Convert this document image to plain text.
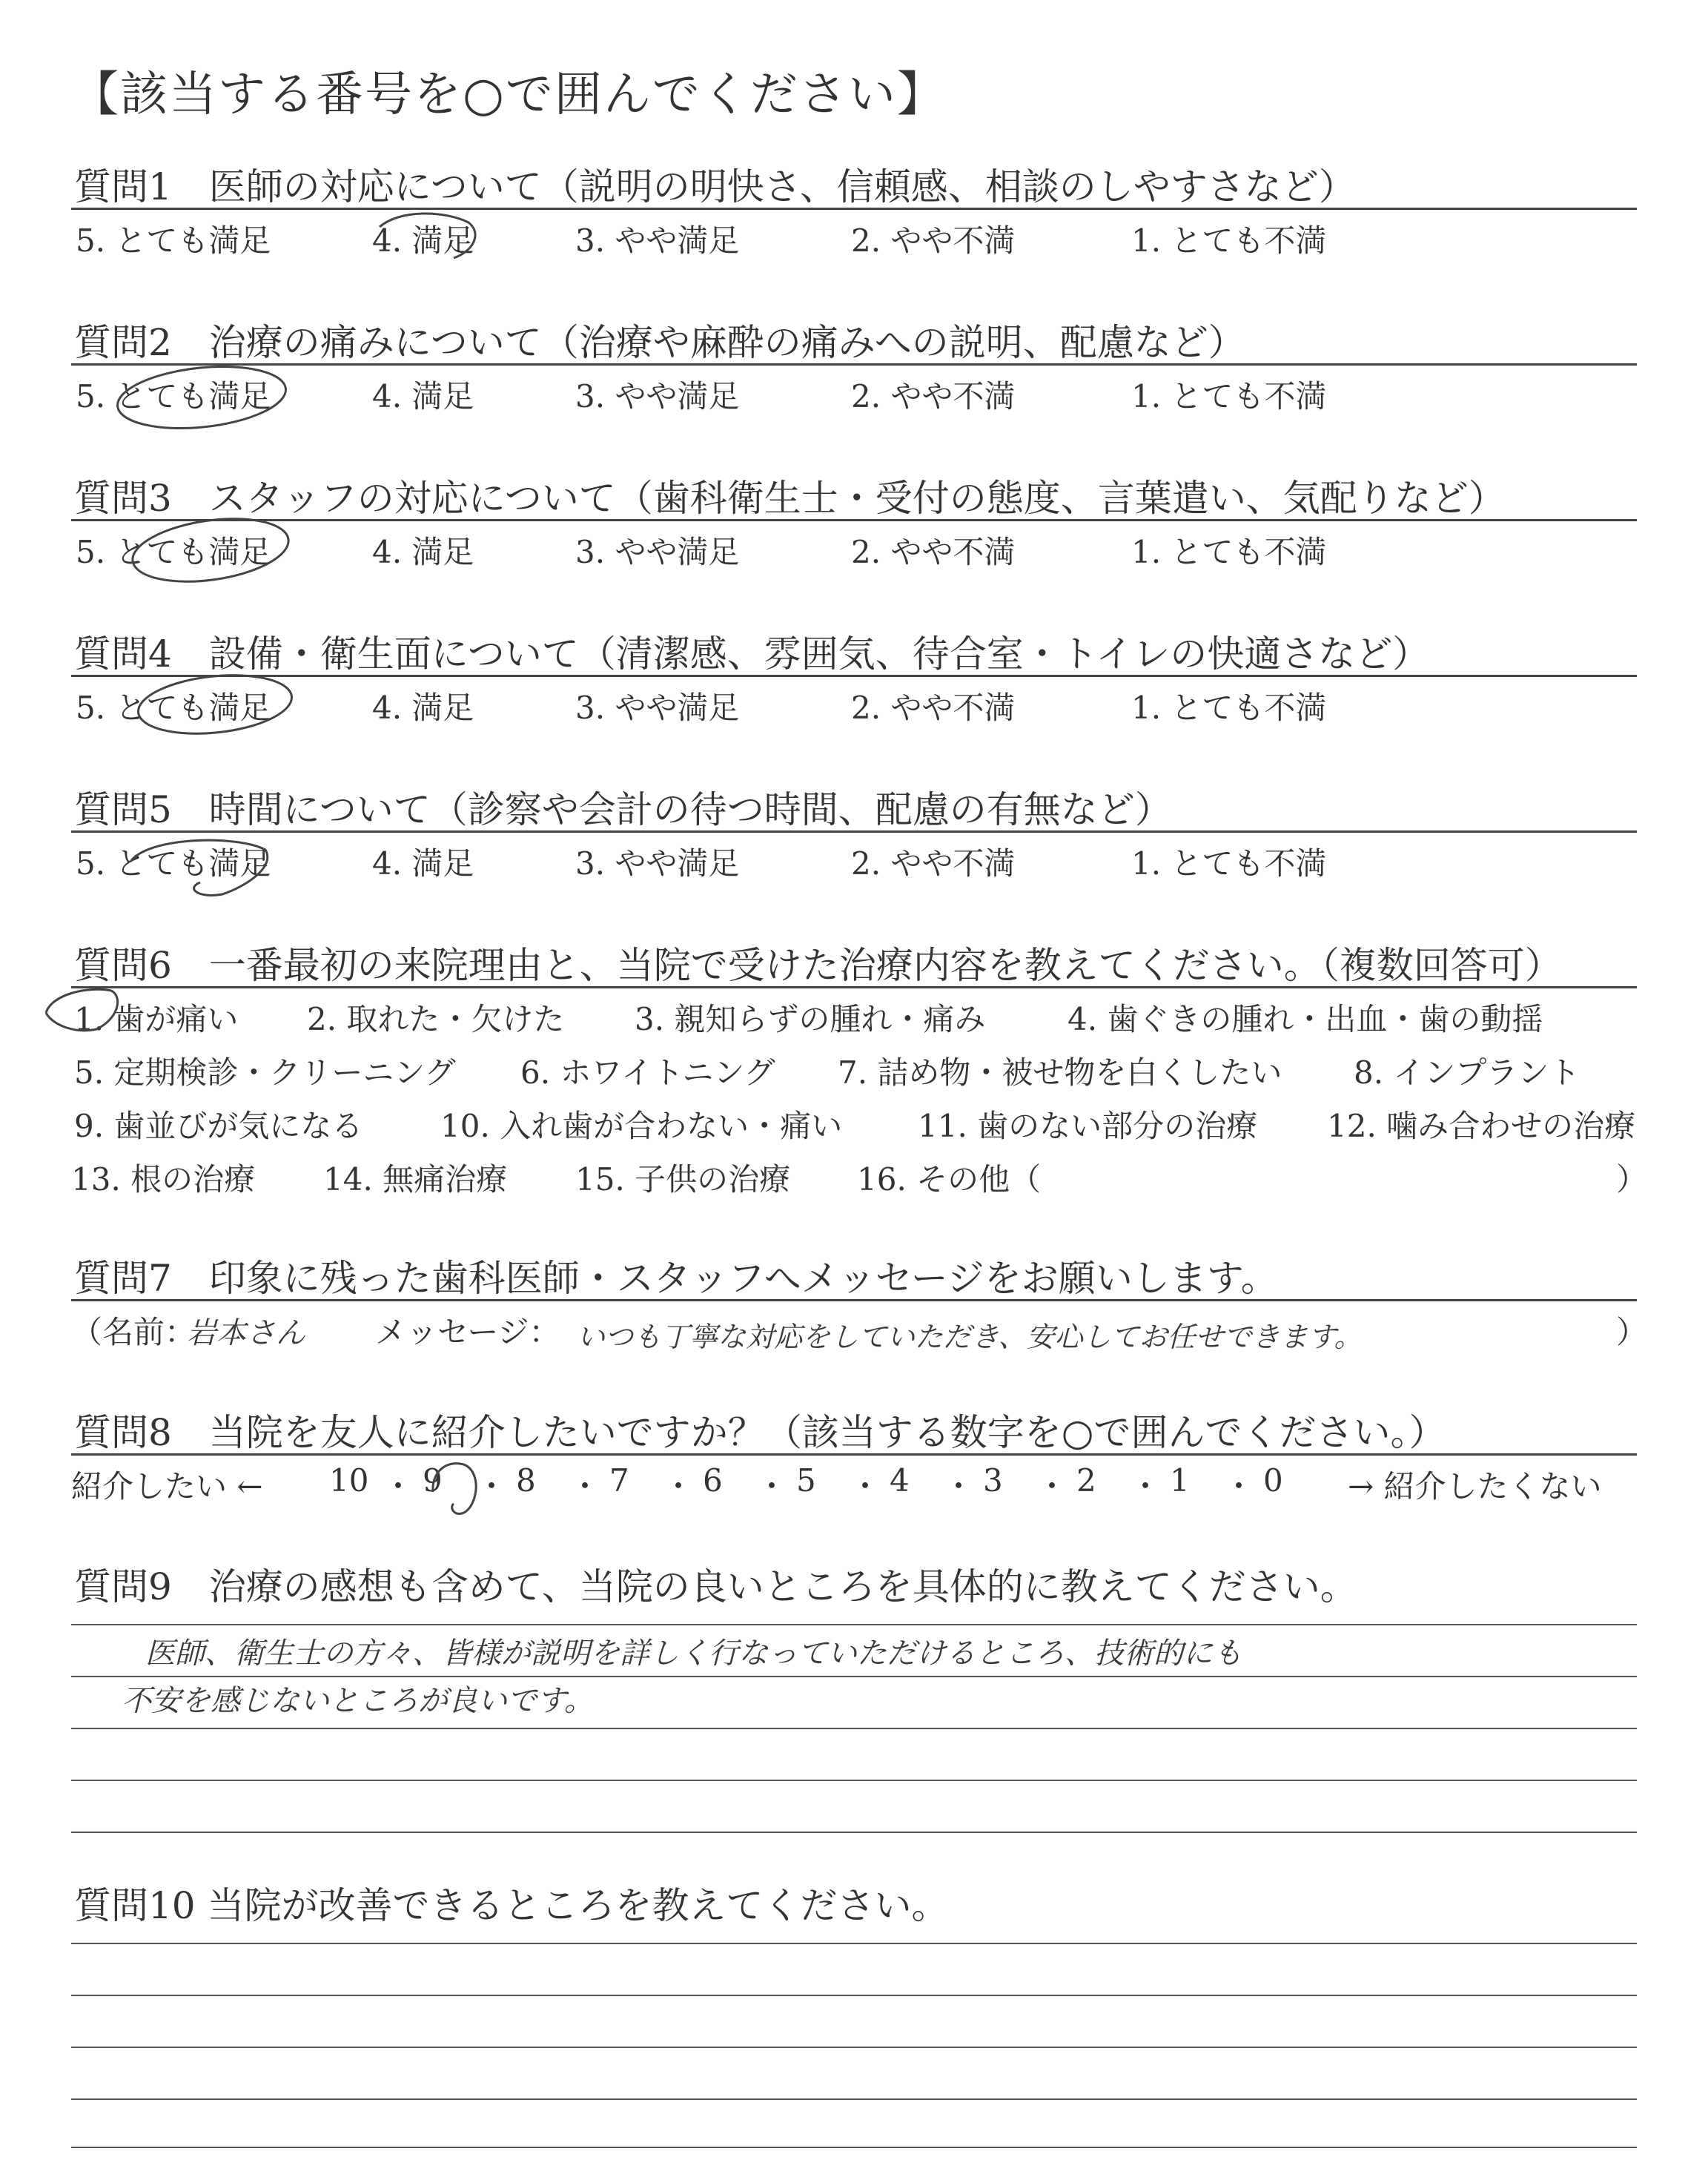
【該当する番号を○で囲んでください】
質問1　医師の対応について（説明の明快さ、信頼感、相談のしやすさなど）
5. とても満足	4. 満足	3. やや満足	2. やや不満	1. とても不満
質問2　治療の痛みについて（治療や麻酔の痛みへの説明、配慮など）
5. とても満足	4. 満足	3. やや満足	2. やや不満	1. とても不満
質問3　スタッフの対応について（歯科衛生士・受付の態度、言葉遣い、気配りなど）
5. とても満足	4. 満足	3. やや満足	2. やや不満	1. とても不満
質問4　設備・衛生面について（清潔感、雰囲気、待合室・トイレの快適さなど）
5. とても満足	4. 満足	3. やや満足	2. やや不満	1. とても不満
質問5　時間について（診察や会計の待つ時間、配慮の有無など）
5. とても満足	4. 満足	3. やや満足	2. やや不満	1. とても不満
質問6　一番最初の来院理由と、当院で受けた治療内容を教えてください。（複数回答可）
1. 歯が痛い 2. 取れた・欠けた 3. 親知らずの腫れ・痛み	4. 歯ぐきの腫れ・出血・歯の動揺
5. 定期検診・クリーニング 6. ホワイトニング 7. 詰め物・被せ物を白くしたい 8. インプラント
9. 歯並びが気になる 10. 入れ歯が合わない・痛い 11. 歯のない部分の治療 12. 噛み合わせの治療
13. 根の治療 14. 無痛治療 15. 子供の治療 16. その他（	）
質問7　印象に残った歯科医師・スタッフへメッセージをお願いします。
（名前：
岩本さん メッセージ： いつも丁寧な対応をしていただき、安心してお任せできます。	）
質問8　当院を友人に紹介したいですか？（該当する数字を○で囲んでください。）
紹介したい ← 10 ・ 9 ・ 8 ・ 7 ・ 6 ・ 5 ・ 4 ・ 3 ・ 2 ・ 1 ・ 0 → 紹介したくない
質問9　治療の感想も含めて、当院の良いところを具体的に教えてください。
医師、衛生士の方々、皆様が説明を詳しく行なっていただけるところ、技術的にも
不安を感じないところが良いです。
質問10 当院が改善できるところを教えてください。
